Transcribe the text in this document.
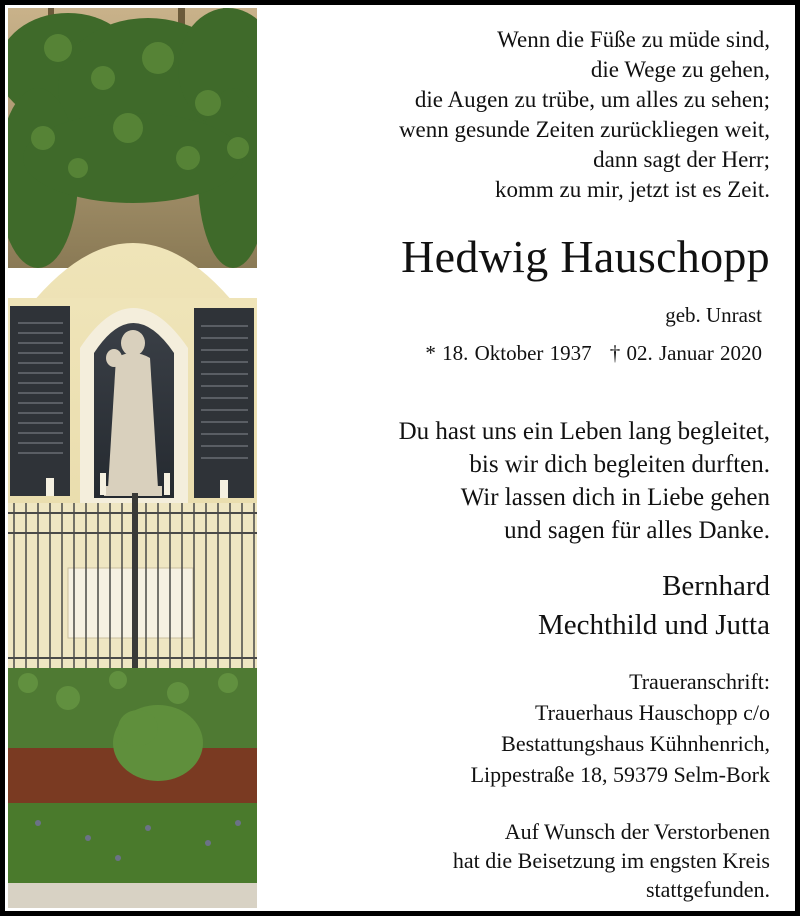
Wenn die Füße zu müde sind,
die Wege zu gehen,
die Augen zu trübe, um alles zu sehen;
wenn gesunde Zeiten zurückliegen weit,
dann sagt der Herr;
komm zu mir, jetzt ist es Zeit.
Hedwig Hauschopp
geb. Unrast
* 18. Oktober 1937 † 02. Januar 2020
Du hast uns ein Leben lang begleitet,
bis wir dich begleiten durften.
Wir lassen dich in Liebe gehen
und sagen für alles Danke.
Bernhard
Mechthild und Jutta
Traueranschrift:
Trauerhaus Hauschopp c/o
Bestattungshaus Kühnhenrich,
Lippestraße 18, 59379 Selm-Bork
Auf Wunsch der Verstorbenen
hat die Beisetzung im engsten Kreis
stattgefunden.
